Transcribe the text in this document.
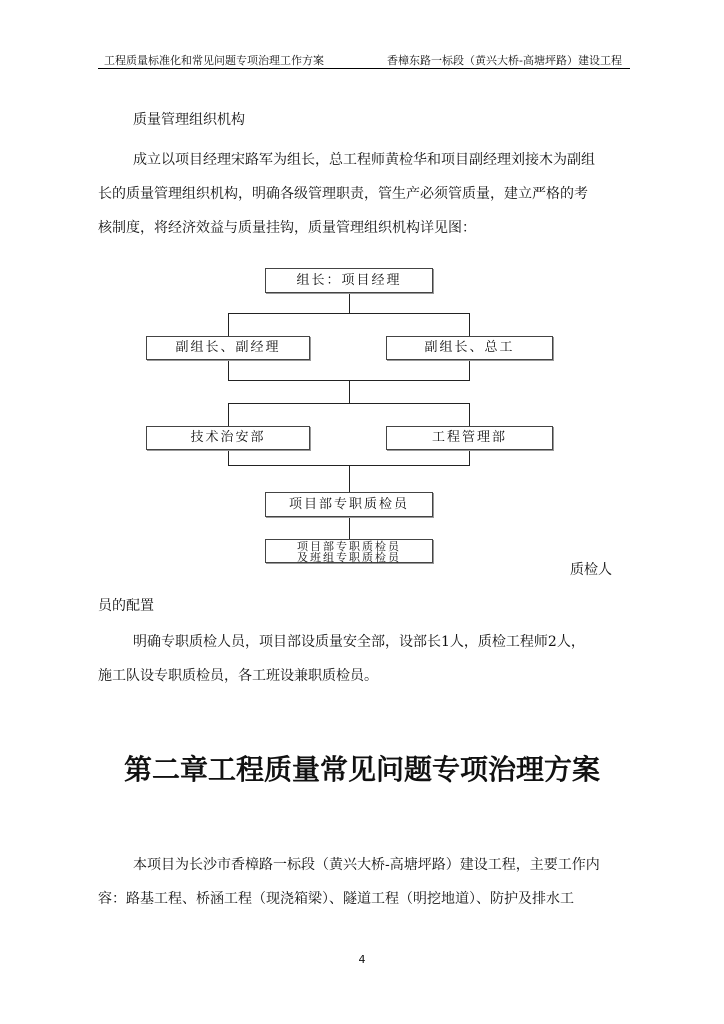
工程质量标准化和常见问题专项治理工作方案	香樟东路一标段（黄兴大桥-高塘坪路）建设工程
质量管理组织机构
成立以项目经理宋路军为组长，总工程师黄检华和项目副经理刘接木为副组
长的质量管理组织机构，明确各级管理职责，管生产必须管质量，建立严格的考
核制度，将经济效益与质量挂钩，质量管理组织机构详见图：
组长：项目经理
副组长、副经理	副组长、总工
技术治安部	工程管理部
项目部专职质检员
项目部专职质检员
及班组专职质检员
质检人
员的配置
明确专职质检人员，项目部设质量安全部，设部长1人，质检工程师2人，
施工队设专职质检员，各工班设兼职质检员。
第二章工程质量常见问题专项治理方案
本项目为长沙市香樟路一标段（黄兴大桥-高塘坪路）建设工程，主要工作内
容：路基工程、桥涵工程（现浇箱梁）、隧道工程（明挖地道）、防护及排水工
4
